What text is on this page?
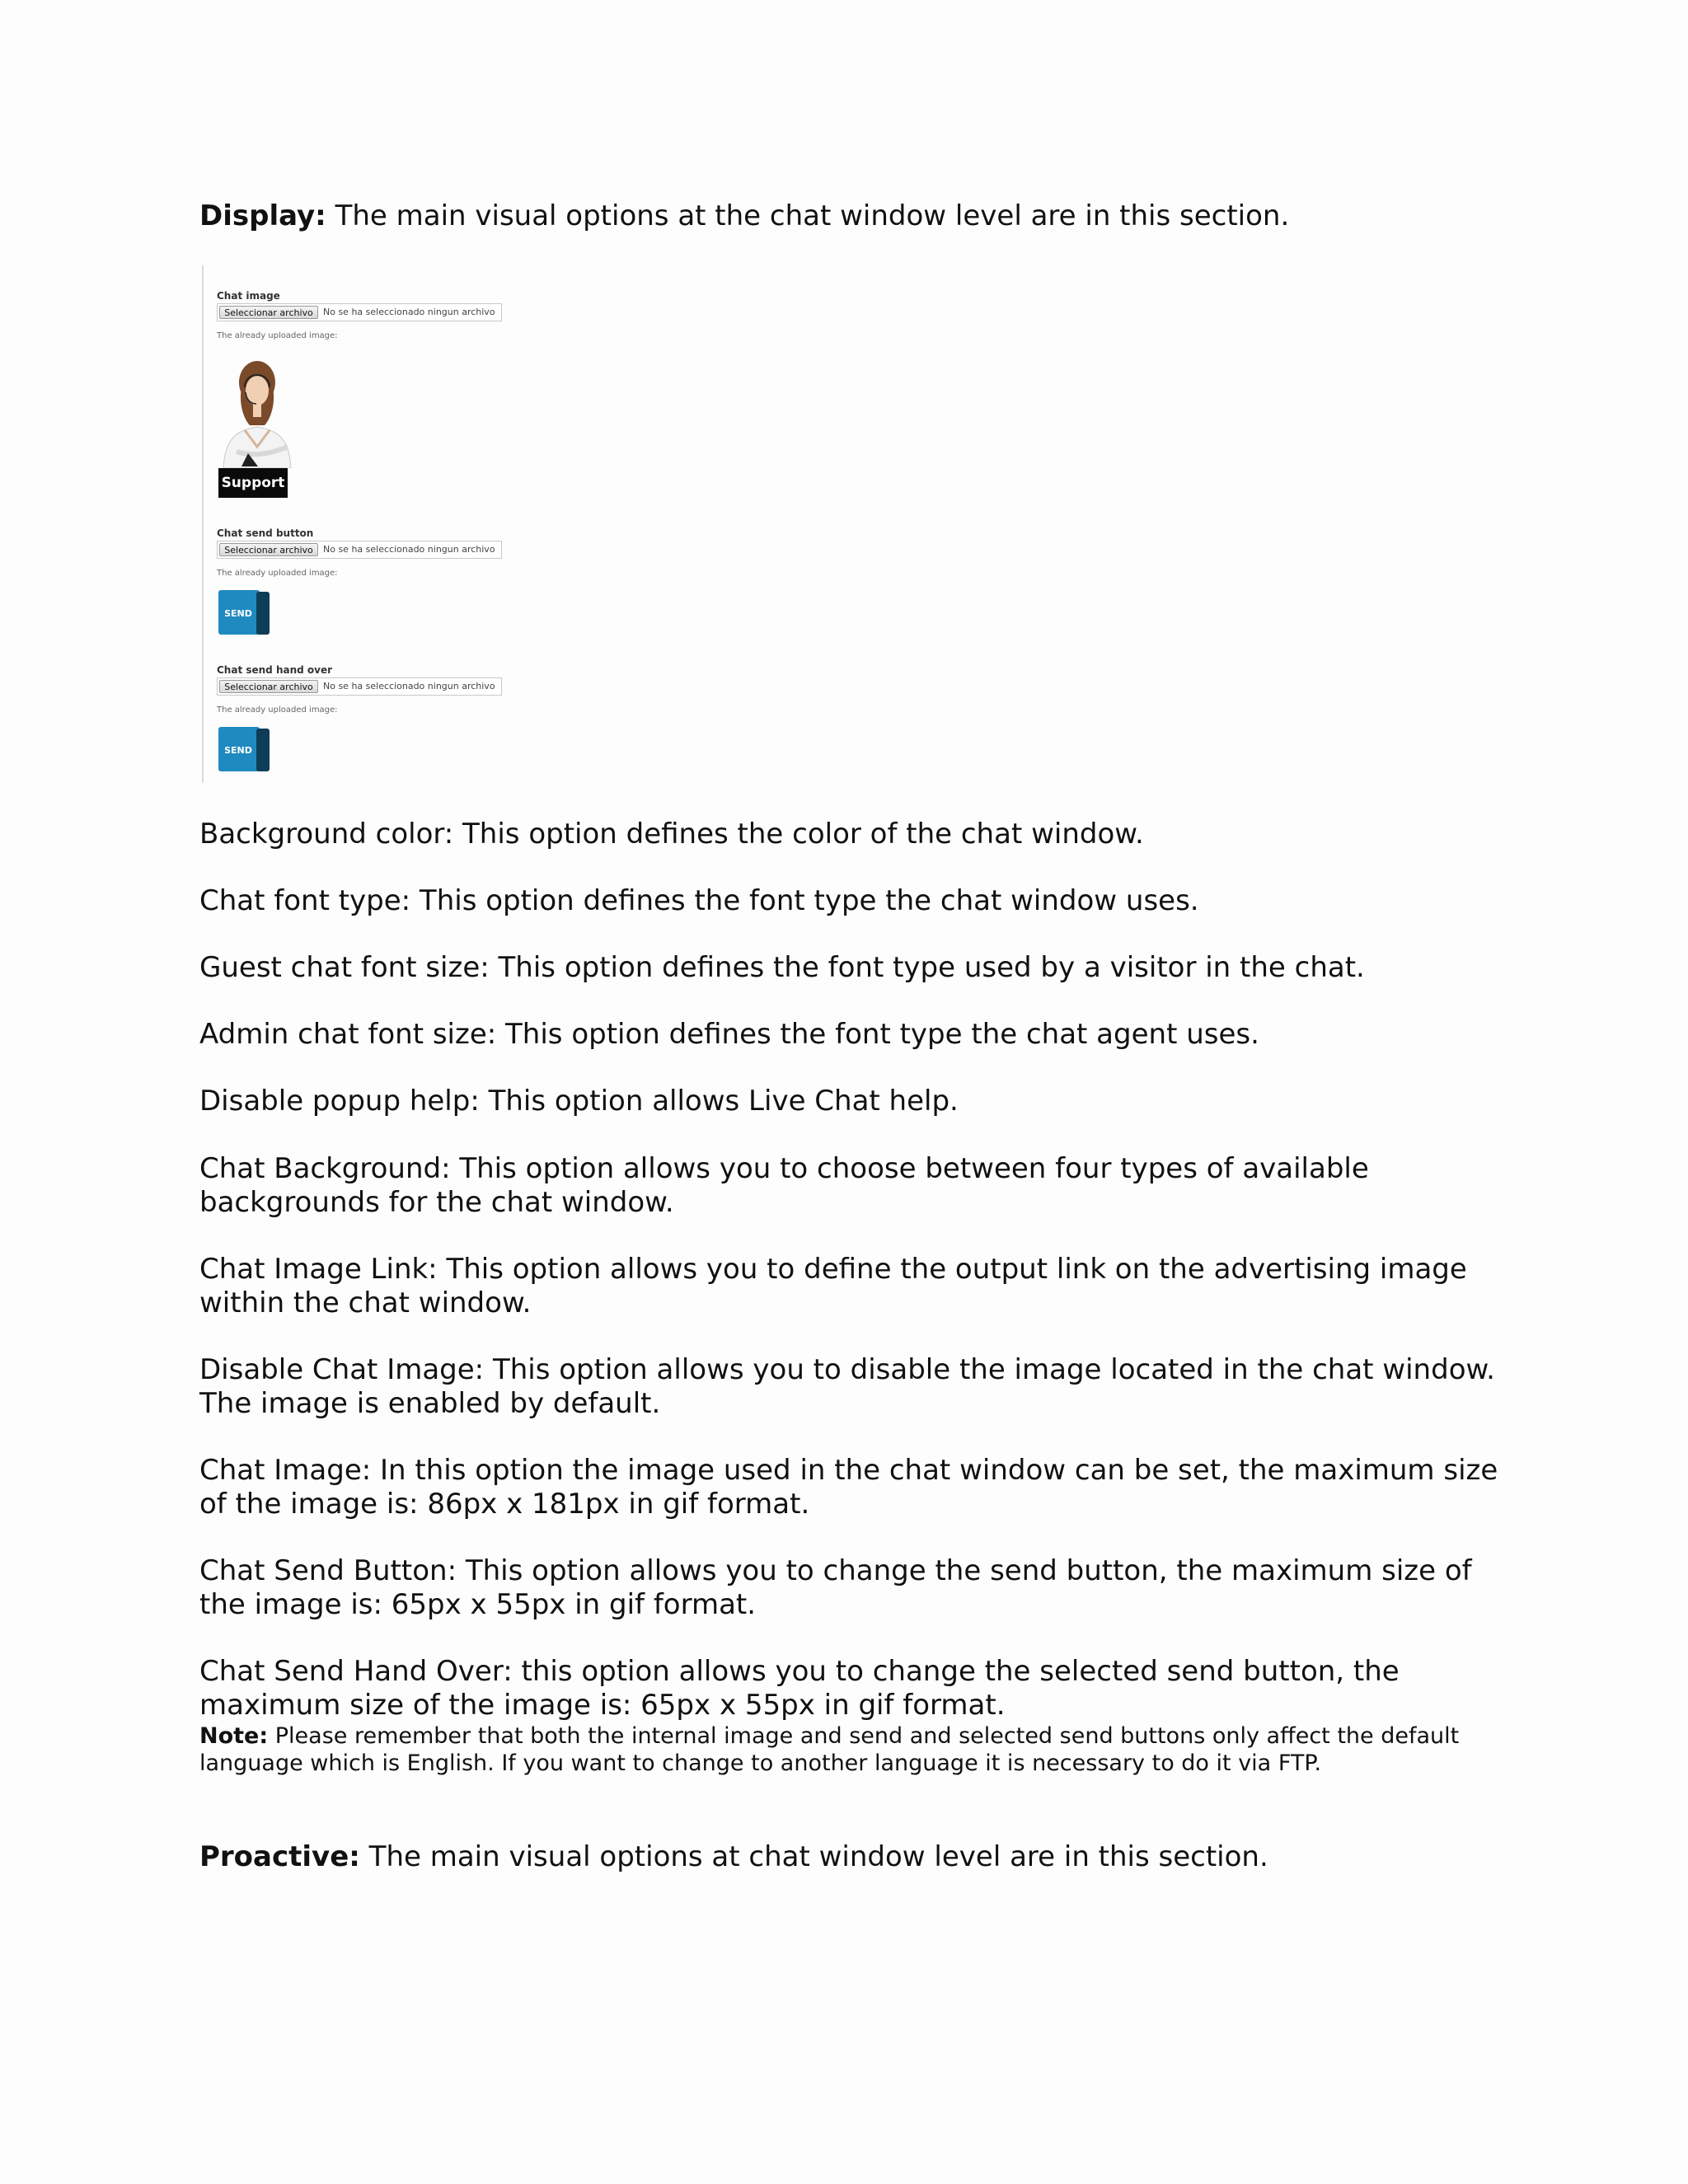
Display: The main visual options at the chat window level are in this section.

Chat image
Seleccionar archivo	No se ha seleccionado ningun archivo
The already uploaded image:
Support
Chat send button
Seleccionar archivo	No se ha seleccionado ningun archivo
The already uploaded image:
SEND
Chat send hand over
Seleccionar archivo	No se ha seleccionado ningun archivo
The already uploaded image:
SEND

Background color: This option defines the color of the chat window.

Chat font type: This option defines the font type the chat window uses.

Guest chat font size: This option defines the font type used by a visitor in the chat.

Admin chat font size: This option defines the font type the chat agent uses.

Disable popup help: This option allows Live Chat help.

Chat Background: This option allows you to choose between four types of available backgrounds for the chat window.

Chat Image Link: This option allows you to define the output link on the advertising image within the chat window.

Disable Chat Image: This option allows you to disable the image located in the chat window. The image is enabled by default.

Chat Image: In this option the image used in the chat window can be set, the maximum size of the image is: 86px x 181px in gif format.

Chat Send Button: This option allows you to change the send button, the maximum size of the image is: 65px x 55px in gif format.

Chat Send Hand Over: this option allows you to change the selected send button, the maximum size of the image is: 65px x 55px in gif format.

Note: Please remember that both the internal image and send and selected send buttons only affect the default language which is English. If you want to change to another language it is necessary to do it via FTP.

Proactive: The main visual options at chat window level are in this section.
